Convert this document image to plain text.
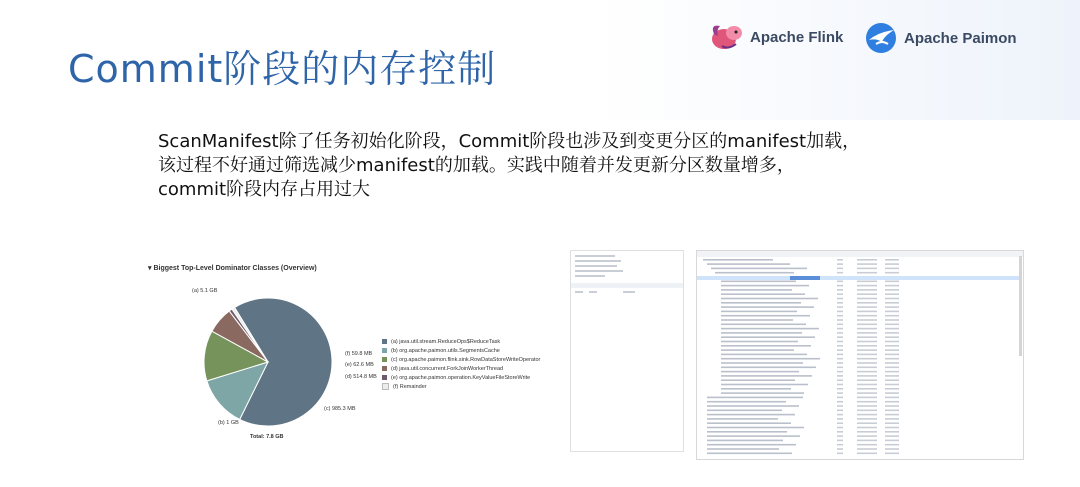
Commit阶段的内存控制
Apache Flink	Apache Paimon
ScanManifest除了任务初始化阶段，Commit阶段也涉及到变更分区的manifest加载，
该过程不好通过筛选减少manifest的加载。实践中随着并发更新分区数量增多，
commit阶段内存占用过大
▾ Biggest Top-Level Dominator Classes (Overview)
(a) 5.1 GB
(b) 1 GB
(c) 985.3 MB
(d) 514.8 MB
(e) 62.6 MB
(f) 59.8 MB
(a) java.util.stream.ReduceOps$ReduceTask
(b) org.apache.paimon.utils.SegmentsCache
(c) org.apache.paimon.flink.sink.RowDataStoreWriteOperator
(d) java.util.concurrent.ForkJoinWorkerThread
(e) org.apache.paimon.operation.KeyValueFileStoreWrite
(f) Remainder
Total: 7.8 GB
